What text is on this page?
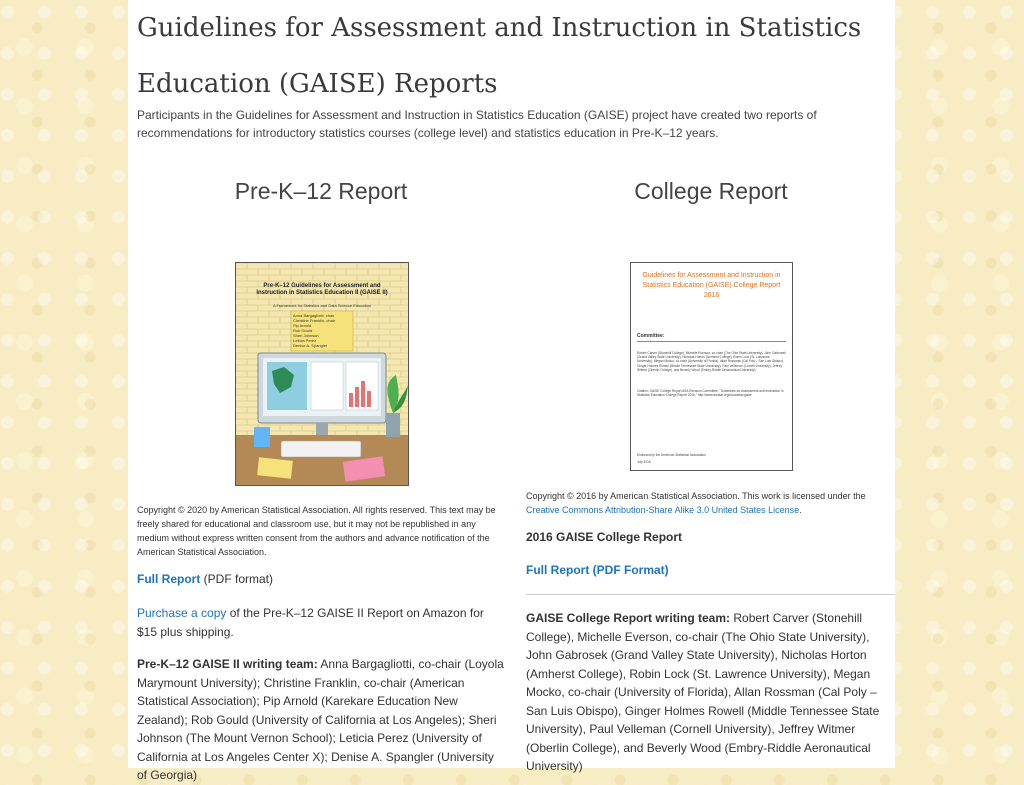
Guidelines for Assessment and Instruction in Statistics Education (GAISE) Reports

Participants in the Guidelines for Assessment and Instruction in Statistics Education (GAISE) project have created two reports of recommendations for introductory statistics courses (college level) and statistics education in Pre-K–12 years.

Pre-K–12 Report
Pre-K–12 Guidelines for Assessment and Instruction in Statistics Education II (GAISE II)
A Framework for Statistics and Data Science Education
Anna Bargagliotti, chair
Christine Franklin, chair
Pip Arnold
Rob Gould
Sheri Johnson
Leticia Perez
Denise A. Spangler

Copyright © 2020 by American Statistical Association. All rights reserved. This text may be freely shared for educational and classroom use, but it may not be republished in any medium without express written consent from the authors and advance notification of the American Statistical Association.

Full Report (PDF format)

Purchase a copy of the Pre-K–12 GAISE II Report on Amazon for $15 plus shipping.

Pre-K–12 GAISE II writing team: Anna Bargagliotti, co-chair (Loyola Marymount University); Christine Franklin, co-chair (American Statistical Association); Pip Arnold (Karekare Education New Zealand); Rob Gould (University of California at Los Angeles); Sheri Johnson (The Mount Vernon School); Leticia Perez (University of California at Los Angeles Center X); Denise A. Spangler (University of Georgia)

College Report
Guidelines for Assessment and Instruction in Statistics Education (GAISE) College Report 2016
Committee:
Robert Carver (Stonehill College), Michelle Everson, co-chair (The Ohio State University), John Gabrosek (Grand Valley State University), Nicholas Horton (Amherst College), Robin Lock (St. Lawrence University), Megan Mocko, co-chair (University of Florida), Allan Rossman (Cal Poly – San Luis Obispo), Ginger Holmes Rowell (Middle Tennessee State University), Paul Velleman (Cornell University), Jeffrey Witmer (Oberlin College), and Beverly Wood (Embry-Riddle Aeronautical University)
Citation: GAISE College Report ASA Revision Committee, "Guidelines for Assessment and Instruction in Statistics Education College Report 2016," http://www.amstat.org/education/gaise
Endorsed by the American Statistical Association
July 2016

Copyright © 2016 by American Statistical Association. This work is licensed under the Creative Commons Attribution-Share Alike 3.0 United States License.

2016 GAISE College Report

Full Report (PDF Format)

GAISE College Report writing team: Robert Carver (Stonehill College), Michelle Everson, co-chair (The Ohio State University), John Gabrosek (Grand Valley State University), Nicholas Horton (Amherst College), Robin Lock (St. Lawrence University), Megan Mocko, co-chair (University of Florida), Allan Rossman (Cal Poly – San Luis Obispo), Ginger Holmes Rowell (Middle Tennessee State University), Paul Velleman (Cornell University), Jeffrey Witmer (Oberlin College), and Beverly Wood (Embry-Riddle Aeronautical University)
